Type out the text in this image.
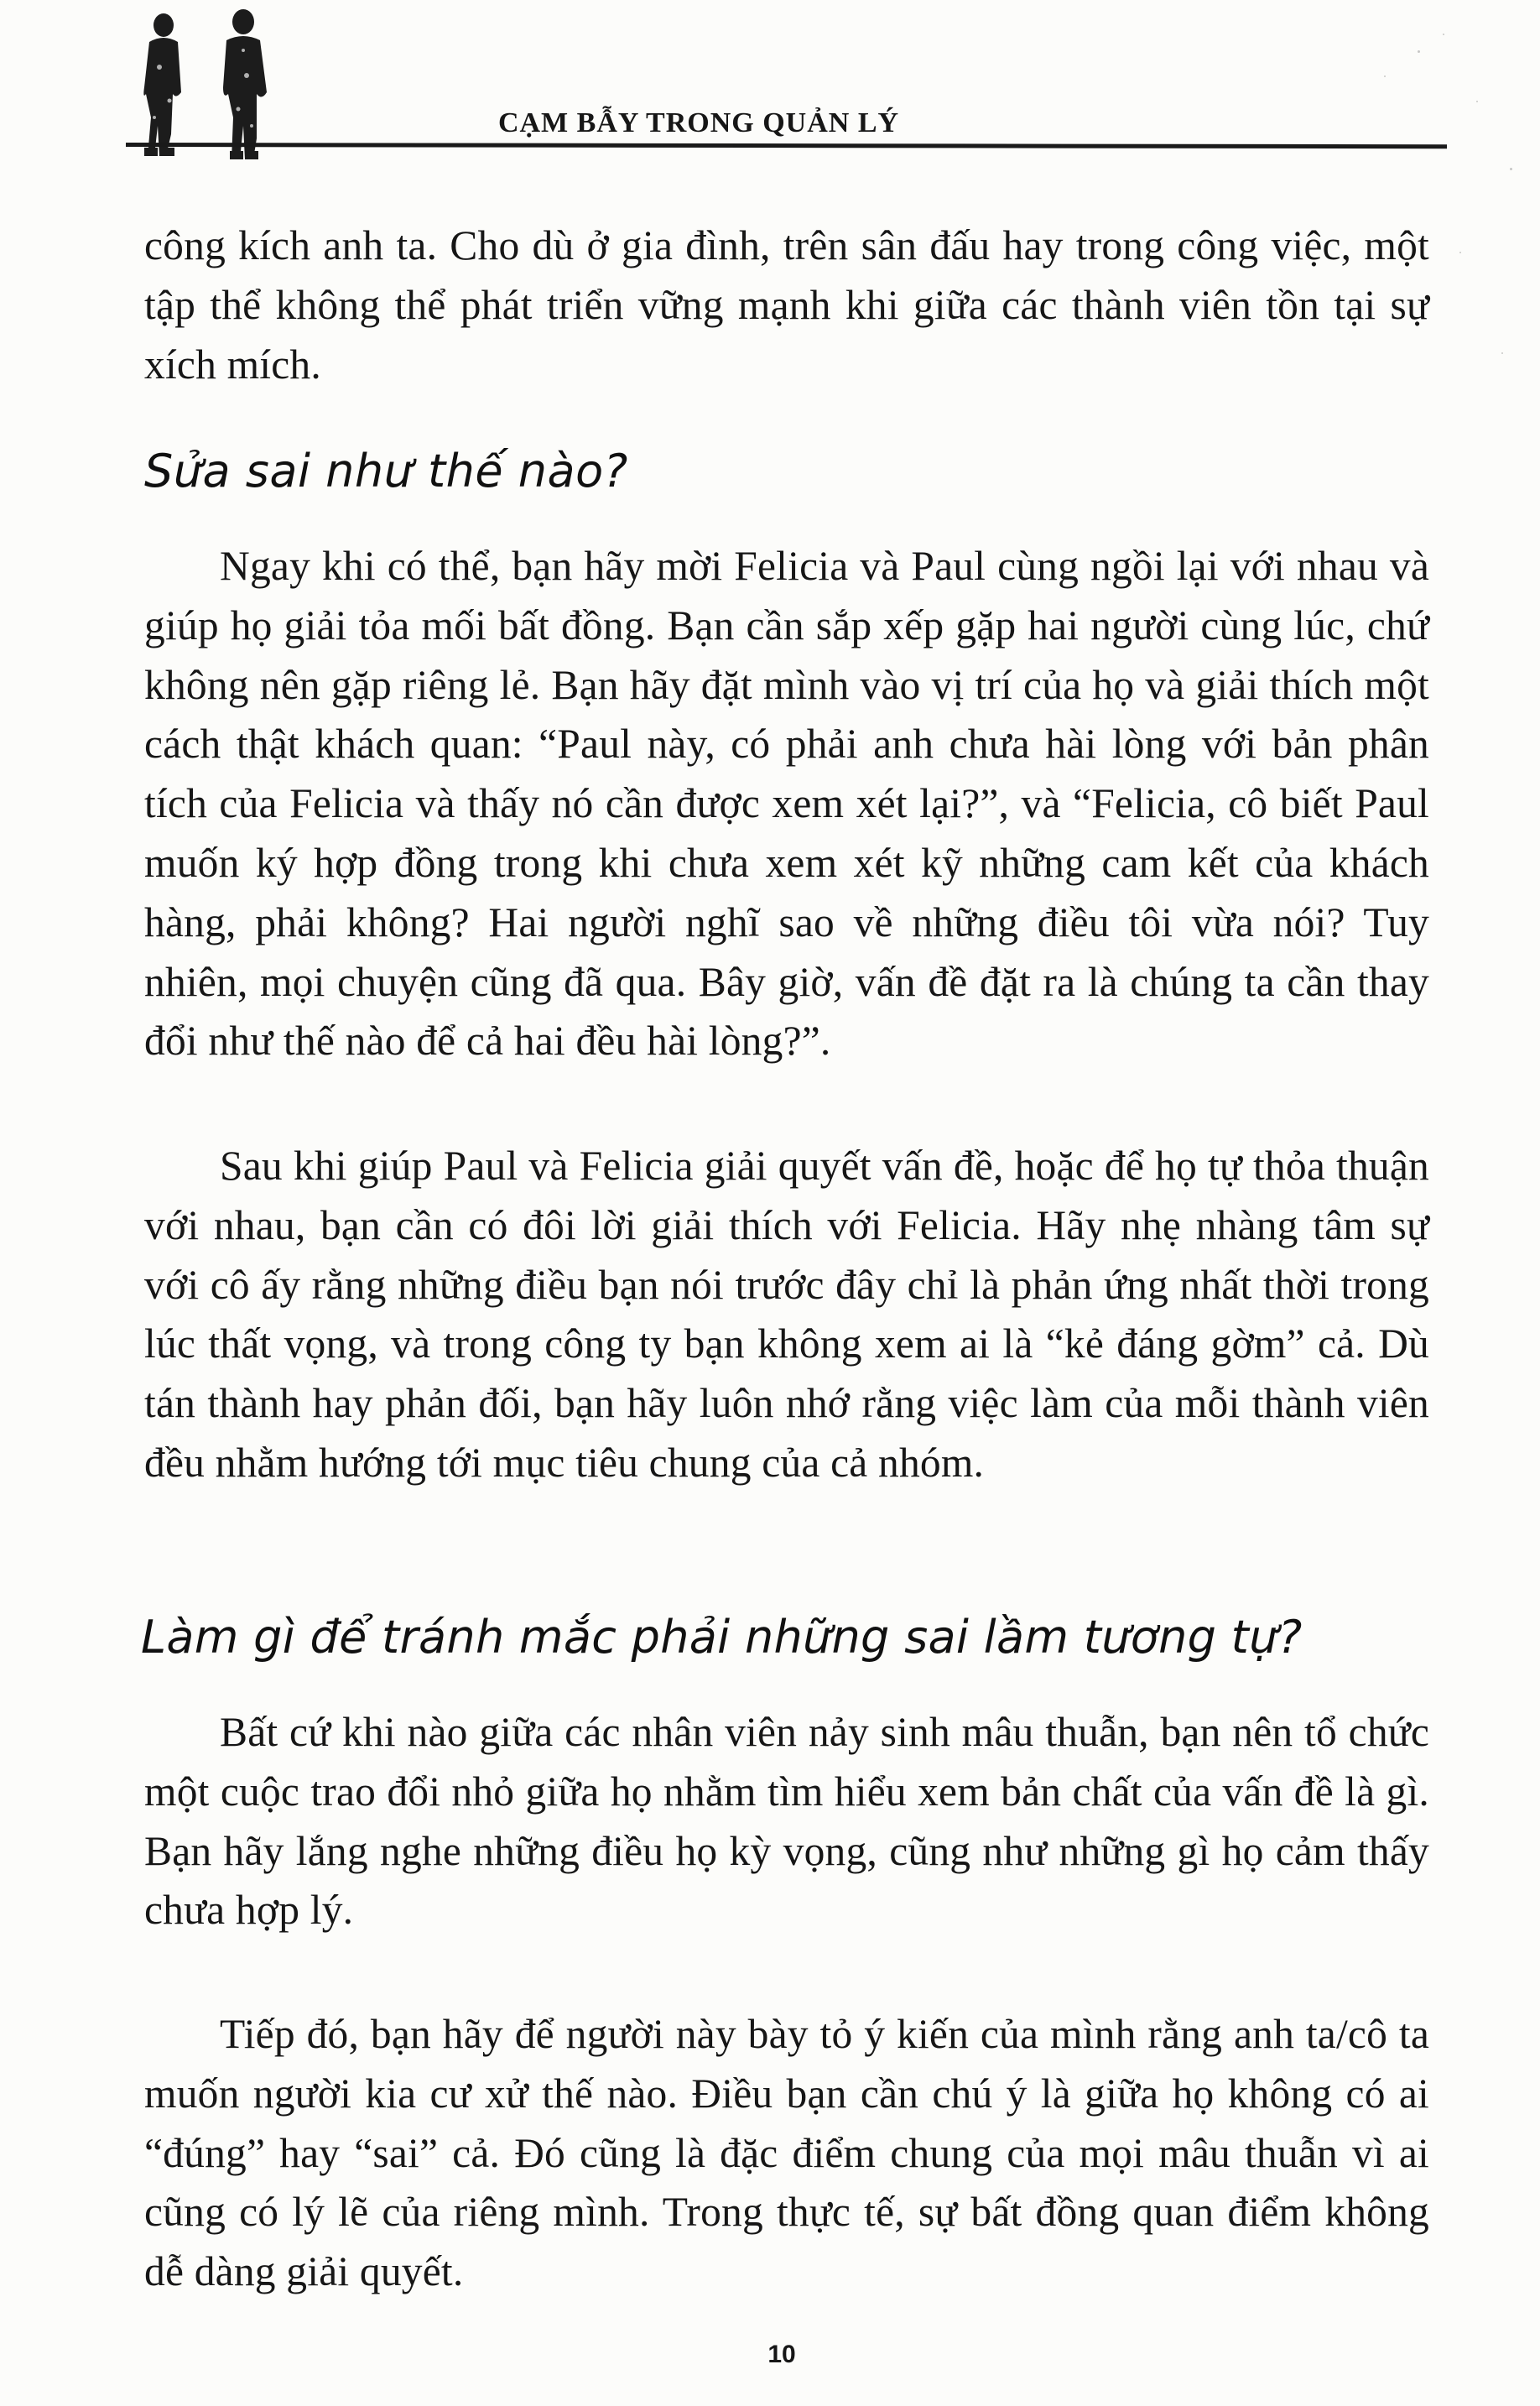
CẠM BẪY TRONG QUẢN LÝ

công kích anh ta. Cho dù ở gia đình, trên sân đấu hay trong công việc, một tập thể không thể phát triển vững mạnh khi giữa các thành viên tồn tại sự xích mích.

Sửa sai như thế nào?

Ngay khi có thể, bạn hãy mời Felicia và Paul cùng ngồi lại với nhau và giúp họ giải tỏa mối bất đồng. Bạn cần sắp xếp gặp hai người cùng lúc, chứ không nên gặp riêng lẻ. Bạn hãy đặt mình vào vị trí của họ và giải thích một cách thật khách quan: “Paul này, có phải anh chưa hài lòng với bản phân tích của Felicia và thấy nó cần được xem xét lại?”, và “Felicia, cô biết Paul muốn ký hợp đồng trong khi chưa xem xét kỹ những cam kết của khách hàng, phải không? Hai người nghĩ sao về những điều tôi vừa nói? Tuy nhiên, mọi chuyện cũng đã qua. Bây giờ, vấn đề đặt ra là chúng ta cần thay đổi như thế nào để cả hai đều hài lòng?”.

Sau khi giúp Paul và Felicia giải quyết vấn đề, hoặc để họ tự thỏa thuận với nhau, bạn cần có đôi lời giải thích với Felicia. Hãy nhẹ nhàng tâm sự với cô ấy rằng những điều bạn nói trước đây chỉ là phản ứng nhất thời trong lúc thất vọng, và trong công ty bạn không xem ai là “kẻ đáng gờm” cả. Dù tán thành hay phản đối, bạn hãy luôn nhớ rằng việc làm của mỗi thành viên đều nhằm hướng tới mục tiêu chung của cả nhóm.

Làm gì để tránh mắc phải những sai lầm tương tự?

Bất cứ khi nào giữa các nhân viên nảy sinh mâu thuẫn, bạn nên tổ chức một cuộc trao đổi nhỏ giữa họ nhằm tìm hiểu xem bản chất của vấn đề là gì. Bạn hãy lắng nghe những điều họ kỳ vọng, cũng như những gì họ cảm thấy chưa hợp lý.

Tiếp đó, bạn hãy để người này bày tỏ ý kiến của mình rằng anh ta/cô ta muốn người kia cư xử thế nào. Điều bạn cần chú ý là giữa họ không có ai “đúng” hay “sai” cả. Đó cũng là đặc điểm chung của mọi mâu thuẫn vì ai cũng có lý lẽ của riêng mình. Trong thực tế, sự bất đồng quan điểm không dễ dàng giải quyết.

10
